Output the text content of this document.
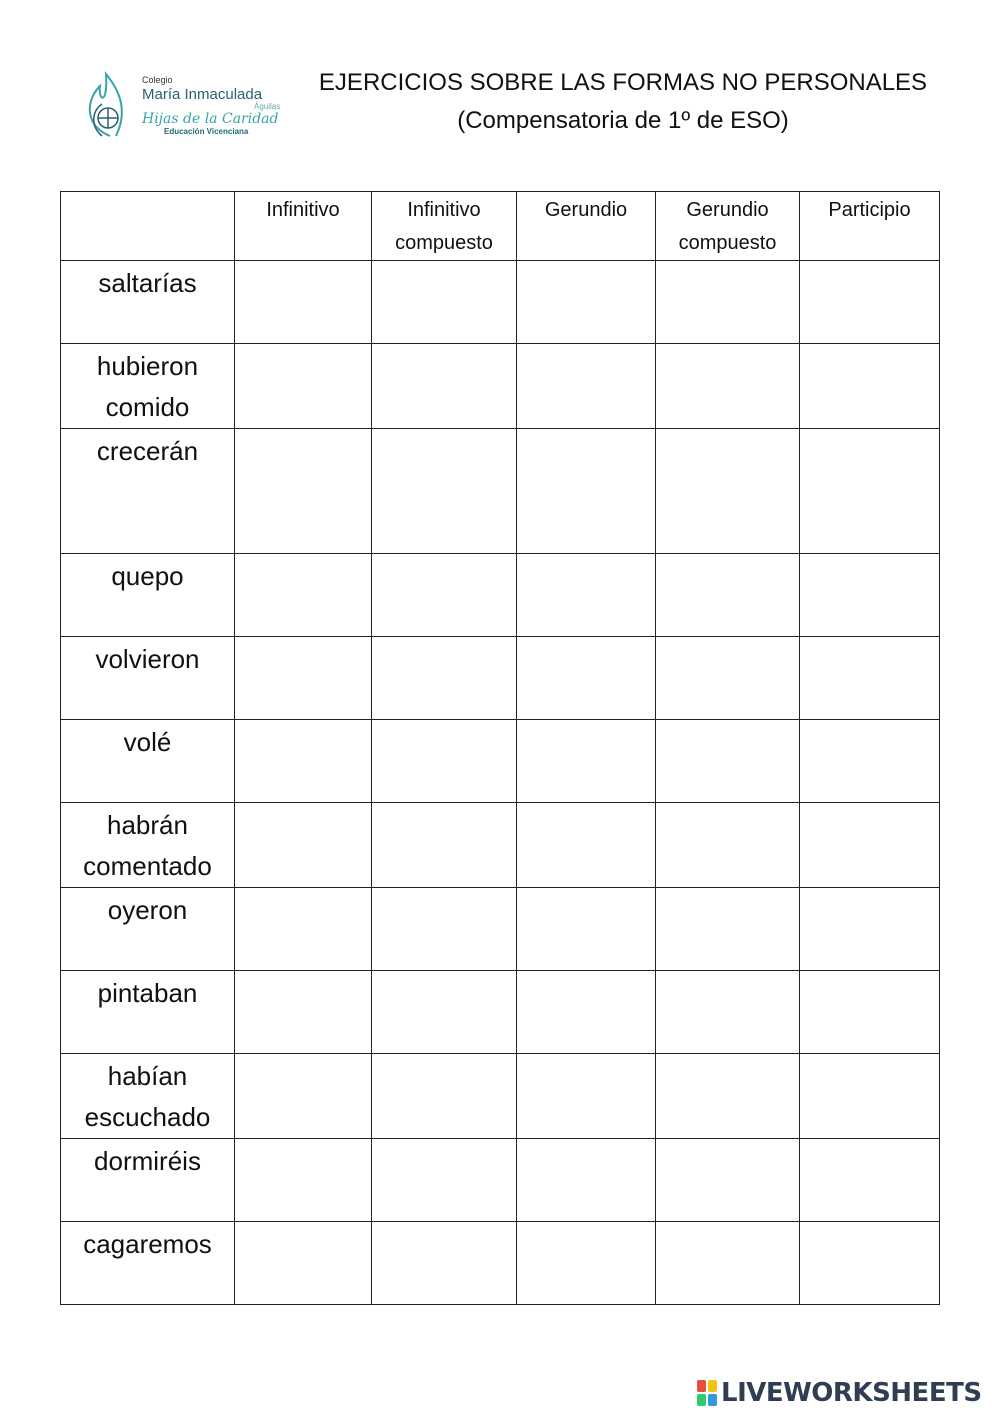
Colegio
María Inmaculada
Águilas
Hijas de la Caridad
Educación Vicenciana
EJERCICIOS SOBRE LAS FORMAS NO PERSONALES
(Compensatoria de 1º de ESO)
	Infinitivo	Infinitivo compuesto	Gerundio	Gerundio compuesto	Participio
saltarías					
hubieron comido					
crecerán					
quepo					
volvieron					
volé					
habrán comentado					
oyeron					
pintaban					
habían escuchado					
dormiréis					
cagaremos					
LIVEWORKSHEETS
